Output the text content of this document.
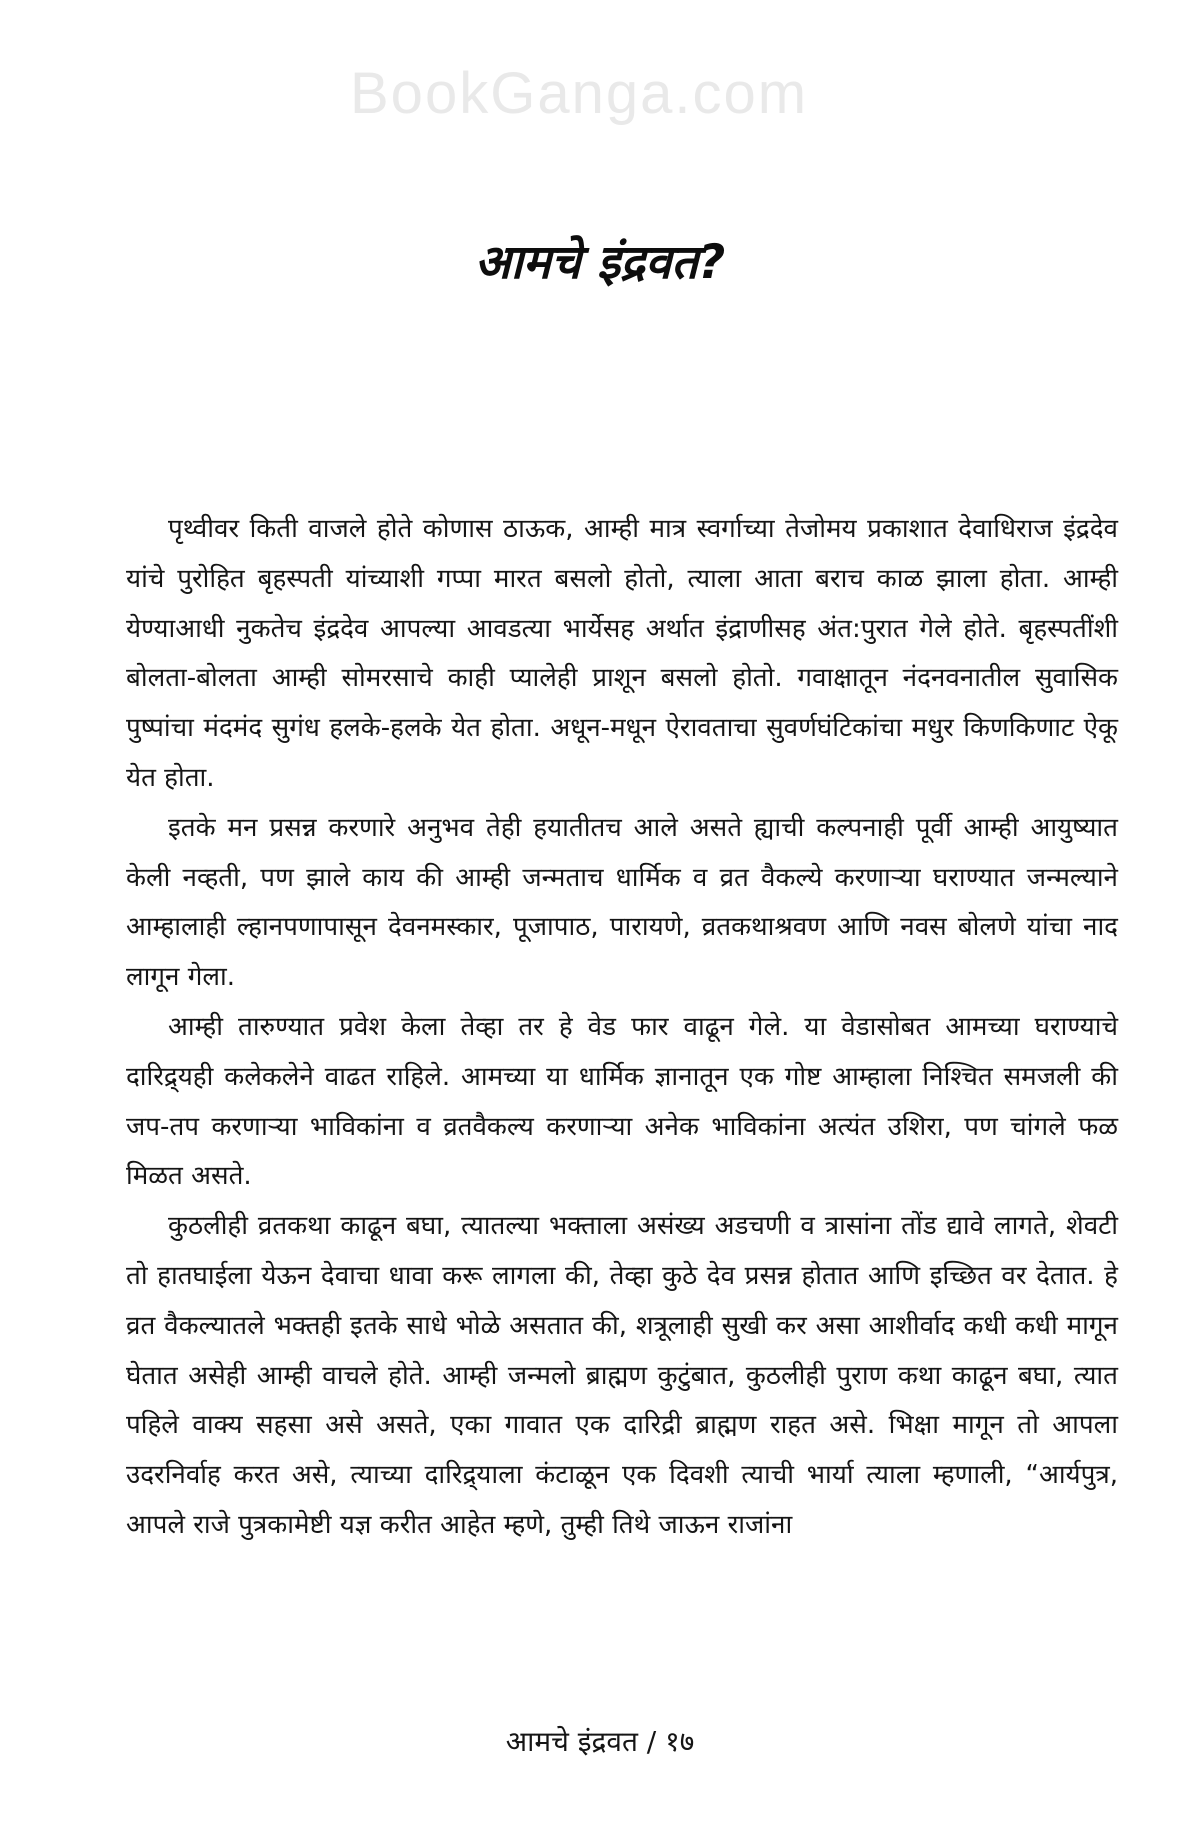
BookGanga.com
आमचे इंद्रवत?

पृथ्वीवर किती वाजले होते कोणास ठाऊक, आम्ही मात्र स्वर्गाच्या तेजोमय प्रकाशात देवाधिराज इंद्रदेव यांचे पुरोहित बृहस्पती यांच्याशी गप्पा मारत बसलो होतो, त्याला आता बराच काळ झाला होता. आम्ही येण्याआधी नुकतेच इंद्रदेव आपल्या आवडत्या भार्येसह अर्थात इंद्राणीसह अंत:पुरात गेले होते. बृहस्पतींशी बोलता-बोलता आम्ही सोमरसाचे काही प्यालेही प्राशून बसलो होतो. गवाक्षातून नंदनवनातील सुवासिक पुष्पांचा मंदमंद सुगंध हलके-हलके येत होता. अधून-मधून ऐरावताचा सुवर्णघंटिकांचा मधुर किणकिणाट ऐकू येत होता.

इतके मन प्रसन्न करणारे अनुभव तेही हयातीतच आले असते ह्याची कल्पनाही पूर्वी आम्ही आयुष्यात केली नव्हती, पण झाले काय की आम्ही जन्मताच धार्मिक व व्रत वैकल्ये करणाऱ्या घराण्यात जन्मल्याने आम्हालाही ल्हानपणापासून देवनमस्कार, पूजापाठ, पारायणे, व्रतकथाश्रवण आणि नवस बोलणे यांचा नाद लागून गेला.

आम्ही तारुण्यात प्रवेश केला तेव्हा तर हे वेड फार वाढून गेले. या वेडासोबत आमच्या घराण्याचे दारिद्र्यही कलेकलेने वाढत राहिले. आमच्या या धार्मिक ज्ञानातून एक गोष्ट आम्हाला निश्चित समजली की जप-तप करणाऱ्या भाविकांना व व्रतवैकल्य करणाऱ्या अनेक भाविकांना अत्यंत उशिरा, पण चांगले फळ मिळत असते.

कुठलीही व्रतकथा काढून बघा, त्यातल्या भक्ताला असंख्य अडचणी व त्रासांना तोंड द्यावे लागते, शेवटी तो हातघाईला येऊन देवाचा धावा करू लागला की, तेव्हा कुठे देव प्रसन्न होतात आणि इच्छित वर देतात. हे व्रत वैकल्यातले भक्तही इतके साधे भोळे असतात की, शत्रूलाही सुखी कर असा आशीर्वाद कधी कधी मागून घेतात असेही आम्ही वाचले होते. आम्ही जन्मलो ब्राह्मण कुटुंबात, कुठलीही पुराण कथा काढून बघा, त्यात पहिले वाक्य सहसा असे असते, एका गावात एक दारिद्री ब्राह्मण राहत असे. भिक्षा मागून तो आपला उदरनिर्वाह करत असे, त्याच्या दारिद्र्याला कंटाळून एक दिवशी त्याची भार्या त्याला म्हणाली, “आर्यपुत्र, आपले राजे पुत्रकामेष्टी यज्ञ करीत आहेत म्हणे, तुम्ही तिथे जाऊन राजांना

आमचे इंद्रवत / १७
